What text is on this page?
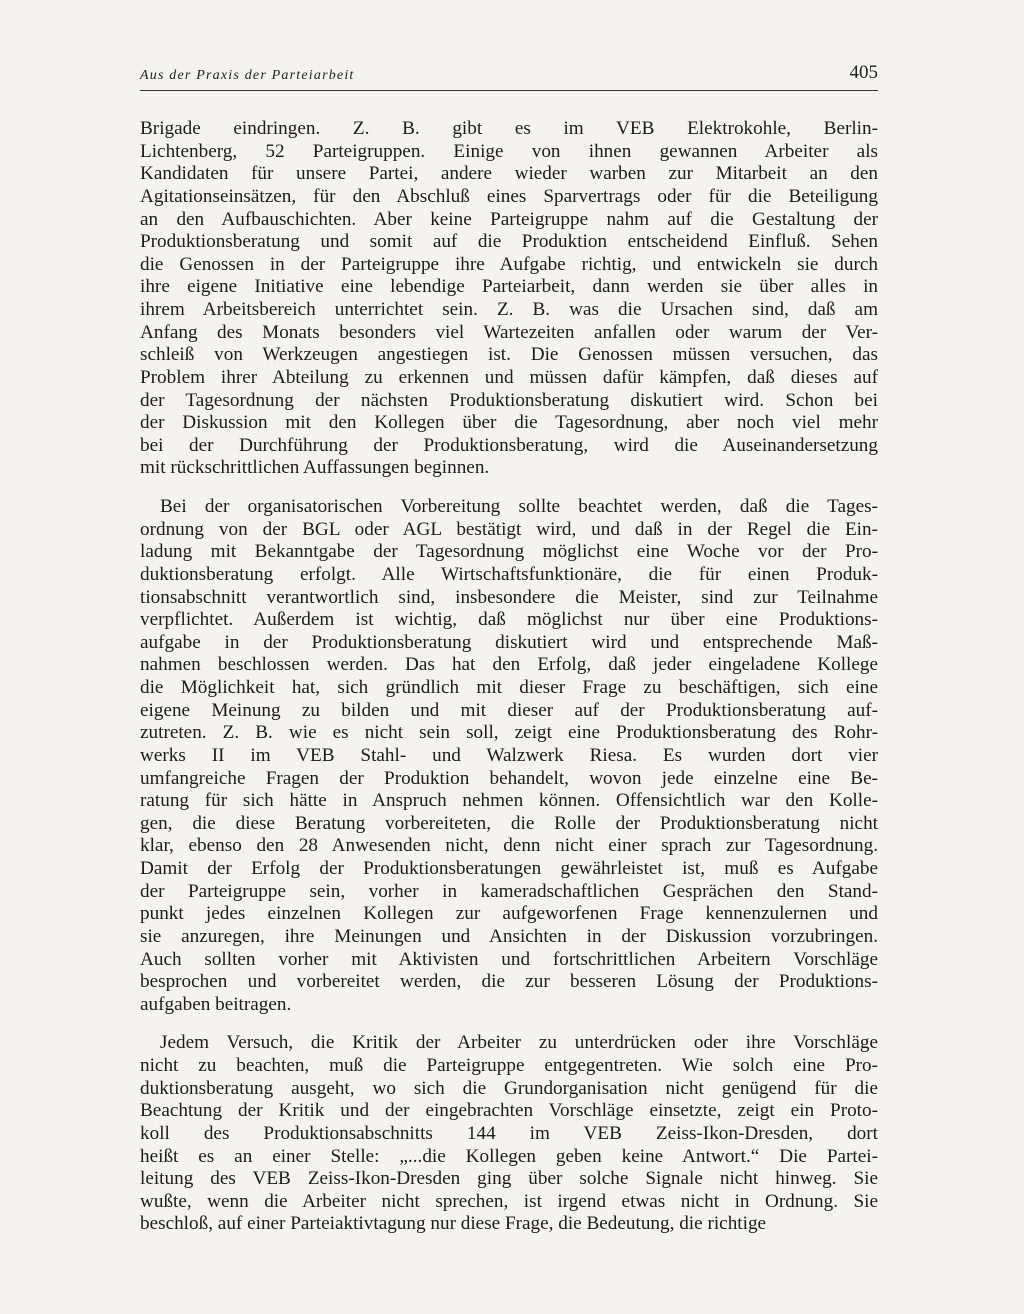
Aus der Praxis der Parteiarbeit	405
Brigade eindringen. Z. B. gibt es im VEB Elektrokohle, Berlin-
Lichtenberg, 52 Parteigruppen. Einige von ihnen gewannen Arbeiter als
Kandidaten für unsere Partei, andere wieder warben zur Mitarbeit an den
Agitationseinsätzen, für den Abschluß eines Sparvertrags oder für die Beteiligung
an den Aufbauschichten. Aber keine Parteigruppe nahm auf die Gestaltung der
Produktionsberatung und somit auf die Produktion entscheidend Einfluß. Sehen
die Genossen in der Parteigruppe ihre Aufgabe richtig, und entwickeln sie durch
ihre eigene Initiative eine lebendige Parteiarbeit, dann werden sie über alles in
ihrem Arbeitsbereich unterrichtet sein. Z. B. was die Ursachen sind, daß am
Anfang des Monats besonders viel Wartezeiten anfallen oder warum der Ver-
schleiß von Werkzeugen angestiegen ist. Die Genossen müssen versuchen, das
Problem ihrer Abteilung zu erkennen und müssen dafür kämpfen, daß dieses auf
der Tagesordnung der nächsten Produktionsberatung diskutiert wird. Schon bei
der Diskussion mit den Kollegen über die Tagesordnung, aber noch viel mehr
bei der Durchführung der Produktionsberatung, wird die Auseinandersetzung
mit rückschrittlichen Auffassungen beginnen.
Bei der organisatorischen Vorbereitung sollte beachtet werden, daß die Tages-
ordnung von der BGL oder AGL bestätigt wird, und daß in der Regel die Ein-
ladung mit Bekanntgabe der Tagesordnung möglichst eine Woche vor der Pro-
duktionsberatung erfolgt. Alle Wirtschaftsfunktionäre, die für einen Produk-
tionsabschnitt verantwortlich sind, insbesondere die Meister, sind zur Teilnahme
verpflichtet. Außerdem ist wichtig, daß möglichst nur über eine Produktions-
aufgabe in der Produktionsberatung diskutiert wird und entsprechende Maß-
nahmen beschlossen werden. Das hat den Erfolg, daß jeder eingeladene Kollege
die Möglichkeit hat, sich gründlich mit dieser Frage zu beschäftigen, sich eine
eigene Meinung zu bilden und mit dieser auf der Produktionsberatung auf-
zutreten. Z. B. wie es nicht sein soll, zeigt eine Produktionsberatung des Rohr-
werks II im VEB Stahl- und Walzwerk Riesa. Es wurden dort vier
umfangreiche Fragen der Produktion behandelt, wovon jede einzelne eine Be-
ratung für sich hätte in Anspruch nehmen können. Offensichtlich war den Kolle-
gen, die diese Beratung vorbereiteten, die Rolle der Produktionsberatung nicht
klar, ebenso den 28 Anwesenden nicht, denn nicht einer sprach zur Tagesordnung.
Damit der Erfolg der Produktionsberatungen gewährleistet ist, muß es Aufgabe
der Parteigruppe sein, vorher in kameradschaftlichen Gesprächen den Stand-
punkt jedes einzelnen Kollegen zur aufgeworfenen Frage kennenzulernen und
sie anzuregen, ihre Meinungen und Ansichten in der Diskussion vorzubringen.
Auch sollten vorher mit Aktivisten und fortschrittlichen Arbeitern Vorschläge
besprochen und vorbereitet werden, die zur besseren Lösung der Produktions-
aufgaben beitragen.
Jedem Versuch, die Kritik der Arbeiter zu unterdrücken oder ihre Vorschläge
nicht zu beachten, muß die Parteigruppe entgegentreten. Wie solch eine Pro-
duktionsberatung ausgeht, wo sich die Grundorganisation nicht genügend für die
Beachtung der Kritik und der eingebrachten Vorschläge einsetzte, zeigt ein Proto-
koll des Produktionsabschnitts 144 im VEB Zeiss-Ikon-Dresden, dort
heißt es an einer Stelle: „...die Kollegen geben keine Antwort.“ Die Partei-
leitung des VEB Zeiss-Ikon-Dresden ging über solche Signale nicht hinweg. Sie
wußte, wenn die Arbeiter nicht sprechen, ist irgend etwas nicht in Ordnung. Sie
beschloß, auf einer Parteiaktivtagung nur diese Frage, die Bedeutung, die richtige
